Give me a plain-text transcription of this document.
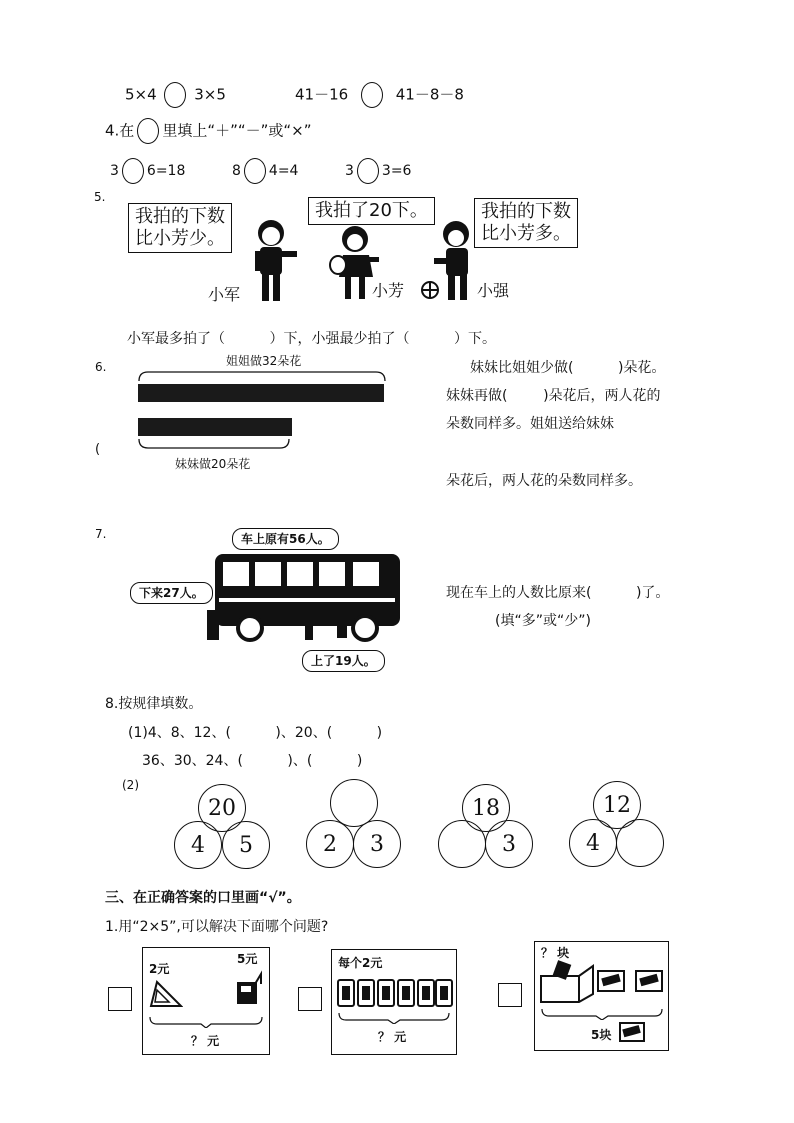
5×4	3×5	41－16	41－8－8
4.在 里填上“＋”“－”或“×”
3 6=18	8 4=4	3 3=6
5.
我拍的下数
比小芳少。
我拍了20下。	我拍的下数
比小芳多。
小军	小芳	小强
小军最多拍了（          ）下，小强最少拍了（          ）下。
6.	姐姐做32朵花
妹妹做20朵花
(
妹妹比姐姐少做(          )朵花。
妹妹再做(        )朵花后，两人花的
朵数同样多。姐姐送给妹妹
朵花后，两人花的朵数同样多。
7.	车上原有56人。
下来27人。
上了19人。
现在车上的人数比原来(          )了。
(填“多”或“少”)
8.按规律填数。
(1)4、8、12、(          )、20、(          )
36、30、24、(          )、(          )
(2)
20
4	5	2	3
18
3
12
4
三、在正确答案的口里画“√”。
1.用“2×5”,可以解决下面哪个问题?
2元
5元
？ 元
每个2元
？ 元
？ 块
5块
